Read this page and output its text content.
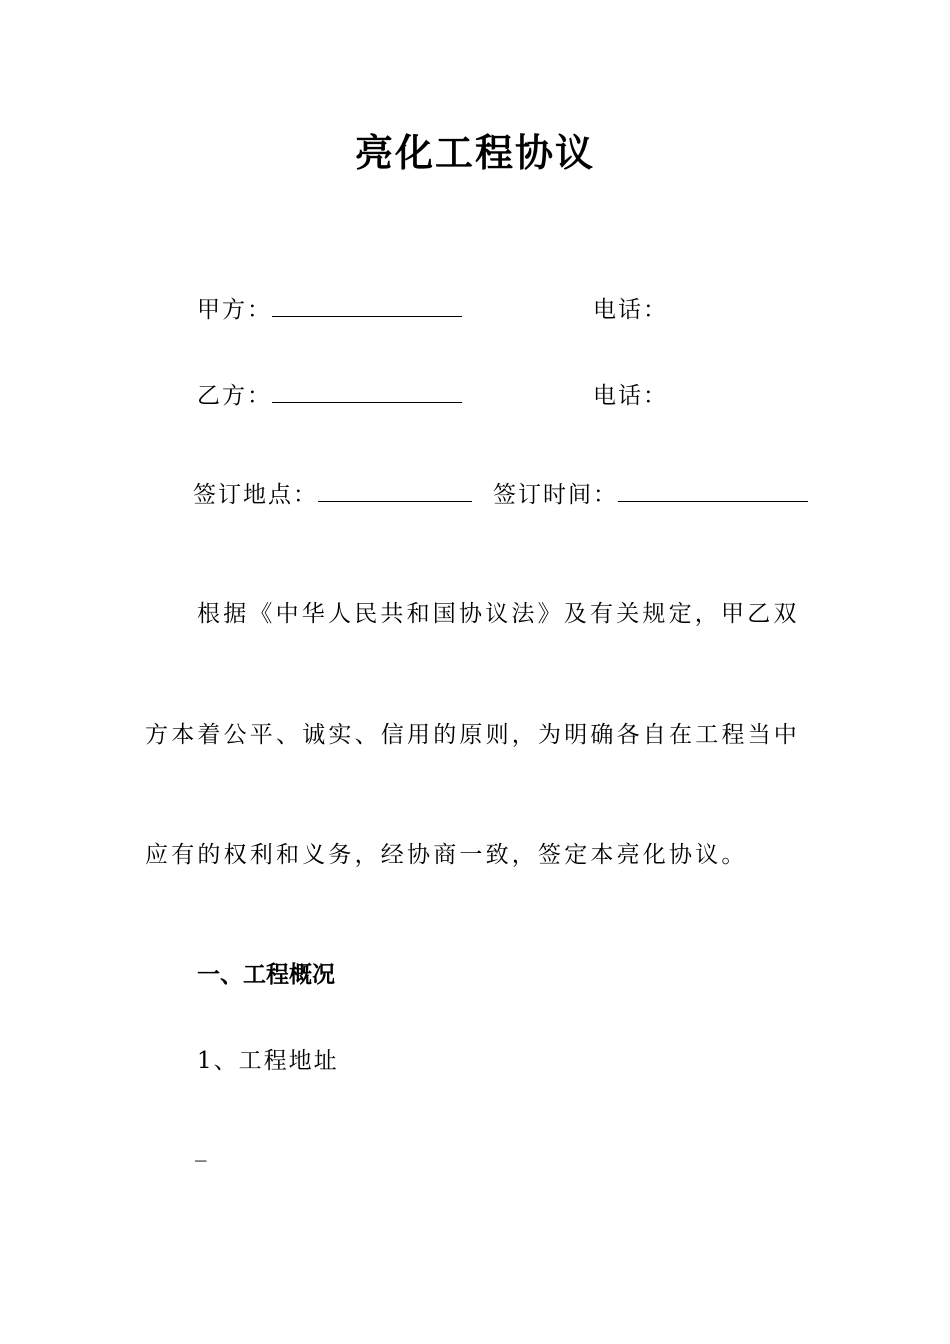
亮化工程协议
甲方：	电话：
乙方：	电话：
签订地点：	签订时间：
根据《中华人民共和国协议法》及有关规定，甲乙双
方本着公平、诚实、信用的原则，为明确各自在工程当中
应有的权利和义务，经协商一致，签定本亮化协议。
一、工程概况
1、工程地址
_
